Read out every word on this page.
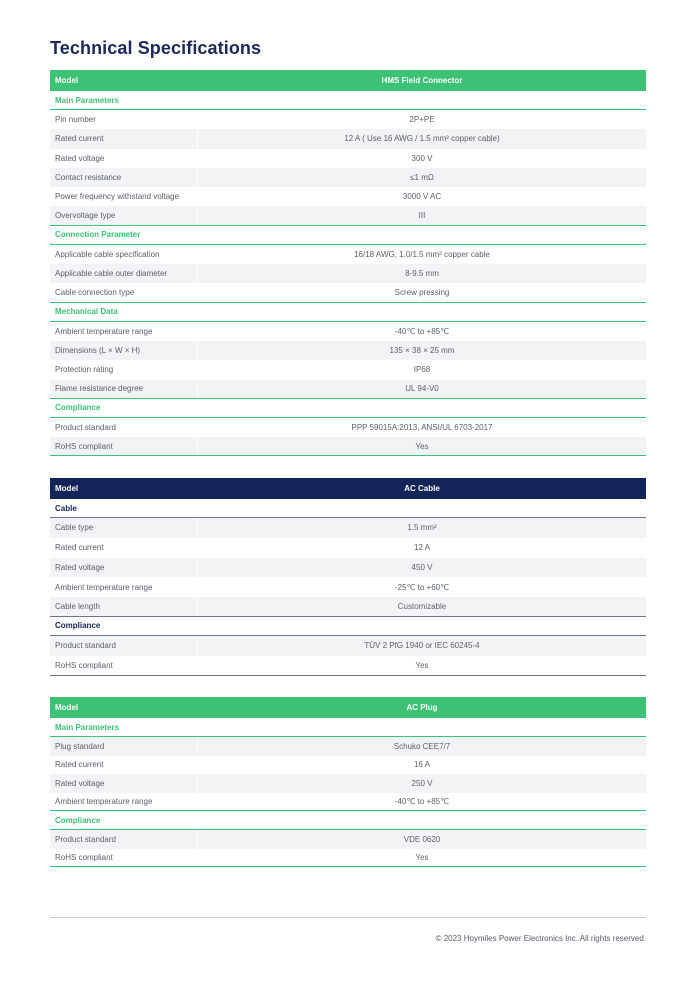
Technical Specifications
Model	HMS Field Connector
Main Parameters
Pin number	2P+PE
Rated current	12 A ( Use 16 AWG / 1.5 mm² copper cable)
Rated voltage	300 V
Contact resistance	≤1 mΩ
Power frequency withstand voltage	3000 V AC
Overvoltage type	III
Connection Parameter
Applicable cable specification	16/18 AWG, 1.0/1.5 mm² copper cable
Applicable cable outer diameter	8-9.5 mm
Cable connection type	Screw pressing
Mechanical Data
Ambient temperature range	-40℃ to +85℃
Dimensions (L × W × H)	135 × 38 × 25 mm
Protection rating	IP68
Flame resistance degree	UL 94-V0
Compliance
Product standard	PPP 59015A:2013, ANSI/UL 6703-2017
RoHS compliant	Yes
Model	AC Cable
Cable
Cable type	1.5 mm²
Rated current	12 A
Rated voltage	450 V
Ambient temperature range	-25℃ to +60℃
Cable length	Customizable
Compliance
Product standard	TÜV 2 PfG 1940 or IEC 60245-4
RoHS compliant	Yes
Model	AC Plug
Main Parameters
Plug standard	Schuko CEE7/7
Rated current	16 A
Rated voltage	250 V
Ambient temperature range	-40℃ to +85℃
Compliance
Product standard	VDE 0620
RoHS compliant	Yes
© 2023 Hoymiles Power Electronics Inc. All rights reserved.
